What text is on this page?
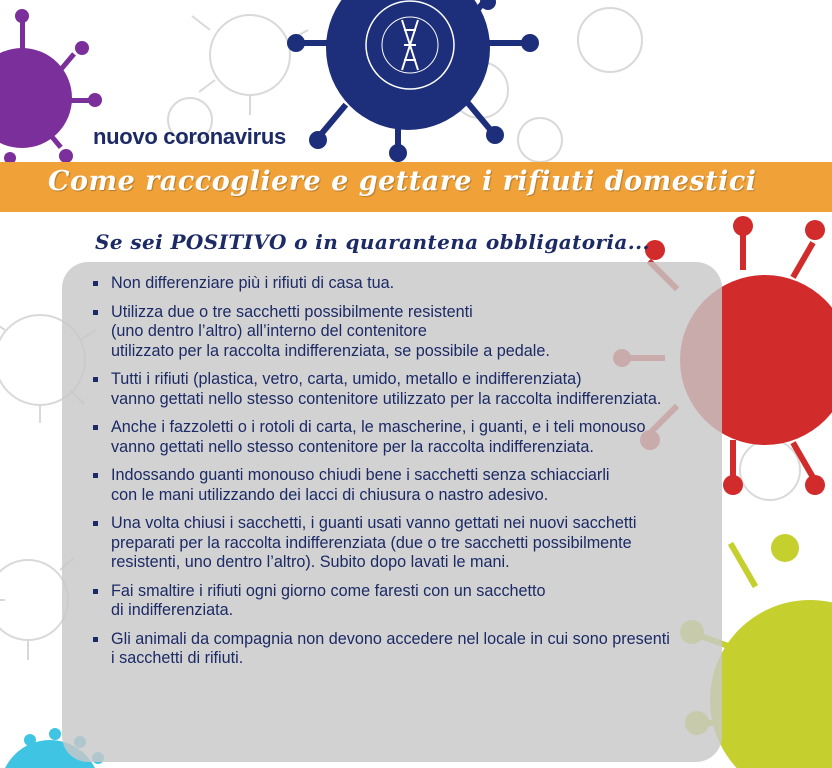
nuovo coronavirus
Come raccogliere e gettare i rifiuti domestici
Se sei POSITIVO o in quarantena obbligatoria...
Non differenziare più i rifiuti di casa tua.
Utilizza due o tre sacchetti possibilmente resistenti
(uno dentro l’altro) all’interno del contenitore
utilizzato per la raccolta indifferenziata, se possibile a pedale.
Tutti i rifiuti (plastica, vetro, carta, umido, metallo e indifferenziata)
vanno gettati nello stesso contenitore utilizzato per la raccolta indifferenziata.
Anche i fazzoletti o i rotoli di carta, le mascherine, i guanti, e i teli monouso
vanno gettati nello stesso contenitore per la raccolta indifferenziata.
Indossando guanti monouso chiudi bene i sacchetti senza schiacciarli
con le mani utilizzando dei lacci di chiusura o nastro adesivo.
Una volta chiusi i sacchetti, i guanti usati vanno gettati nei nuovi sacchetti
preparati per la raccolta indifferenziata (due o tre sacchetti possibilmente
resistenti, uno dentro l’altro). Subito dopo lavati le mani.
Fai smaltire i rifiuti ogni giorno come faresti con un sacchetto
di indifferenziata.
Gli animali da compagnia non devono accedere nel locale in cui sono presenti
i sacchetti di rifiuti.
